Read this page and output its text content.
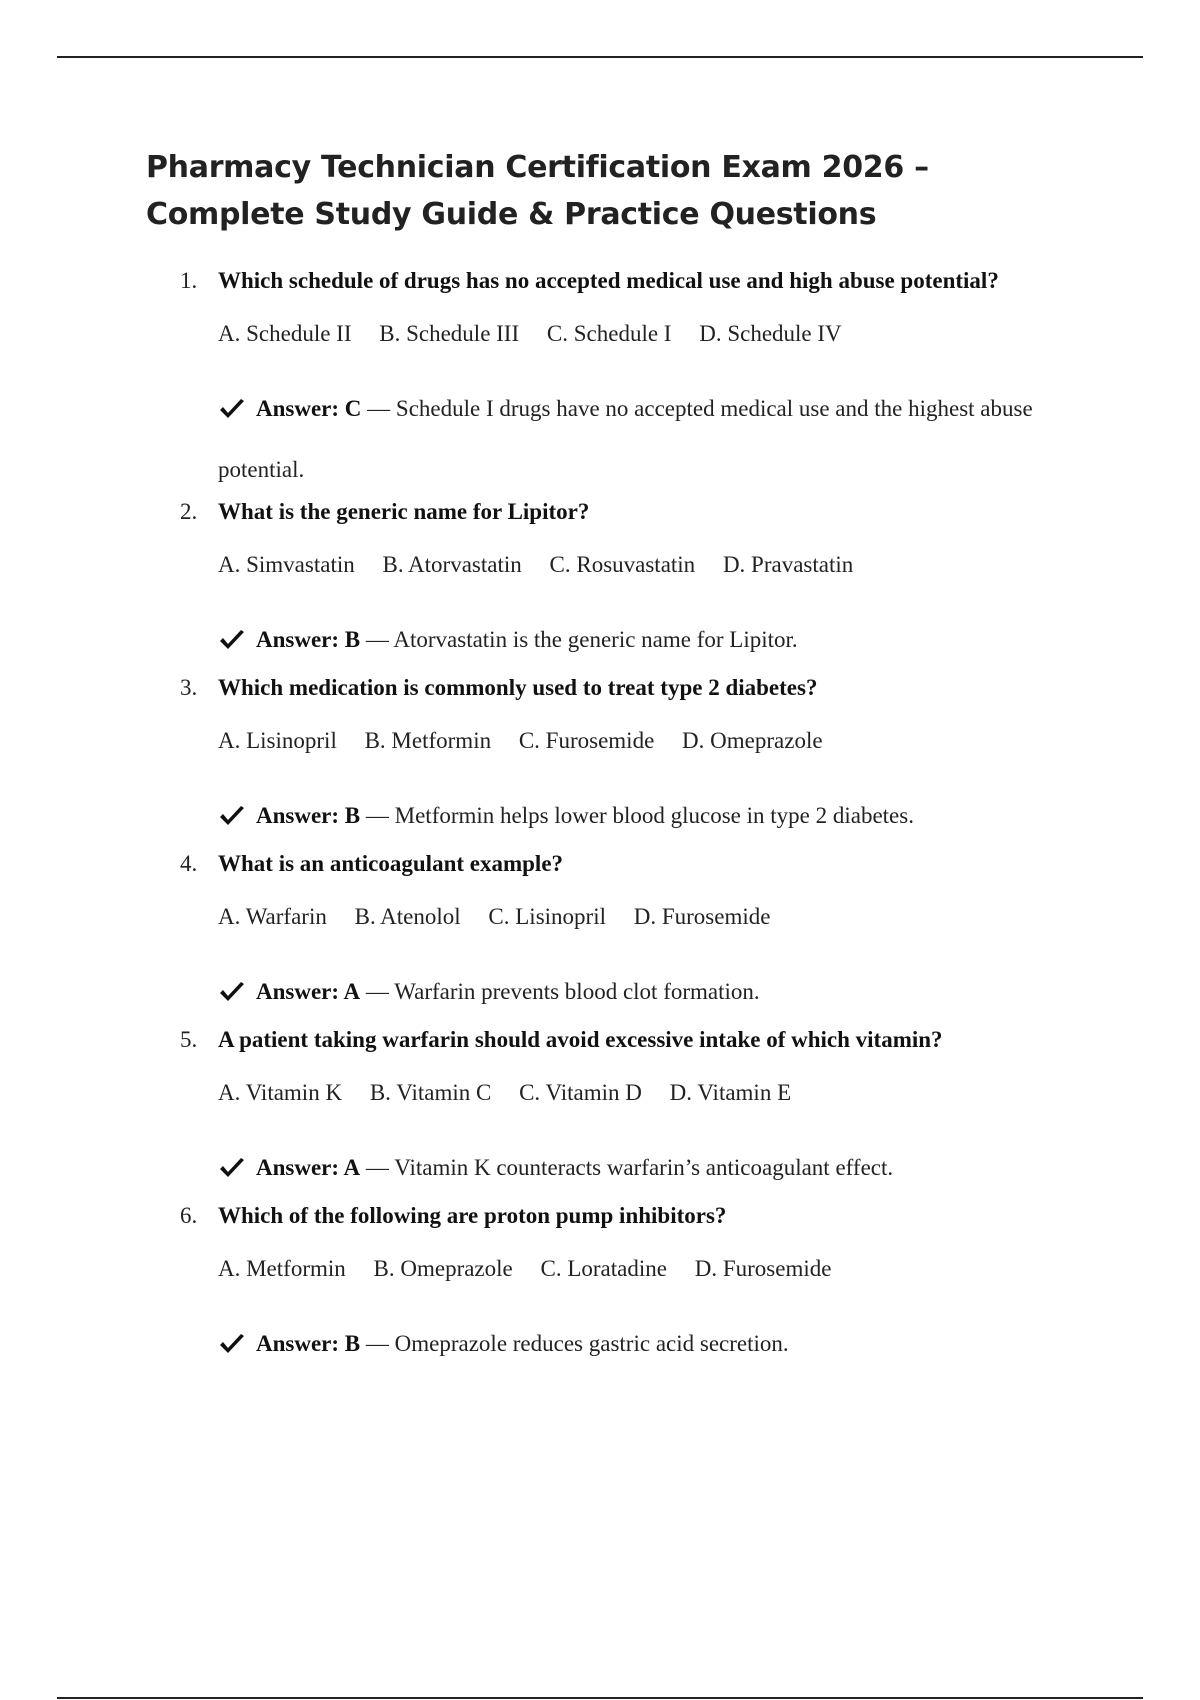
Pharmacy Technician Certification Exam 2026 – Complete Study Guide & Practice Questions
1. Which schedule of drugs has no accepted medical use and high abuse potential?
A. Schedule II B. Schedule III C. Schedule I D. Schedule IV
Answer: C — Schedule I drugs have no accepted medical use and the highest abuse potential.
2. What is the generic name for Lipitor?
A. Simvastatin B. Atorvastatin C. Rosuvastatin D. Pravastatin
Answer: B — Atorvastatin is the generic name for Lipitor.
3. Which medication is commonly used to treat type 2 diabetes?
A. Lisinopril B. Metformin C. Furosemide D. Omeprazole
Answer: B — Metformin helps lower blood glucose in type 2 diabetes.
4. What is an anticoagulant example?
A. Warfarin B. Atenolol C. Lisinopril D. Furosemide
Answer: A — Warfarin prevents blood clot formation.
5. A patient taking warfarin should avoid excessive intake of which vitamin?
A. Vitamin K B. Vitamin C C. Vitamin D D. Vitamin E
Answer: A — Vitamin K counteracts warfarin’s anticoagulant effect.
6. Which of the following are proton pump inhibitors?
A. Metformin B. Omeprazole C. Loratadine D. Furosemide
Answer: B — Omeprazole reduces gastric acid secretion.
